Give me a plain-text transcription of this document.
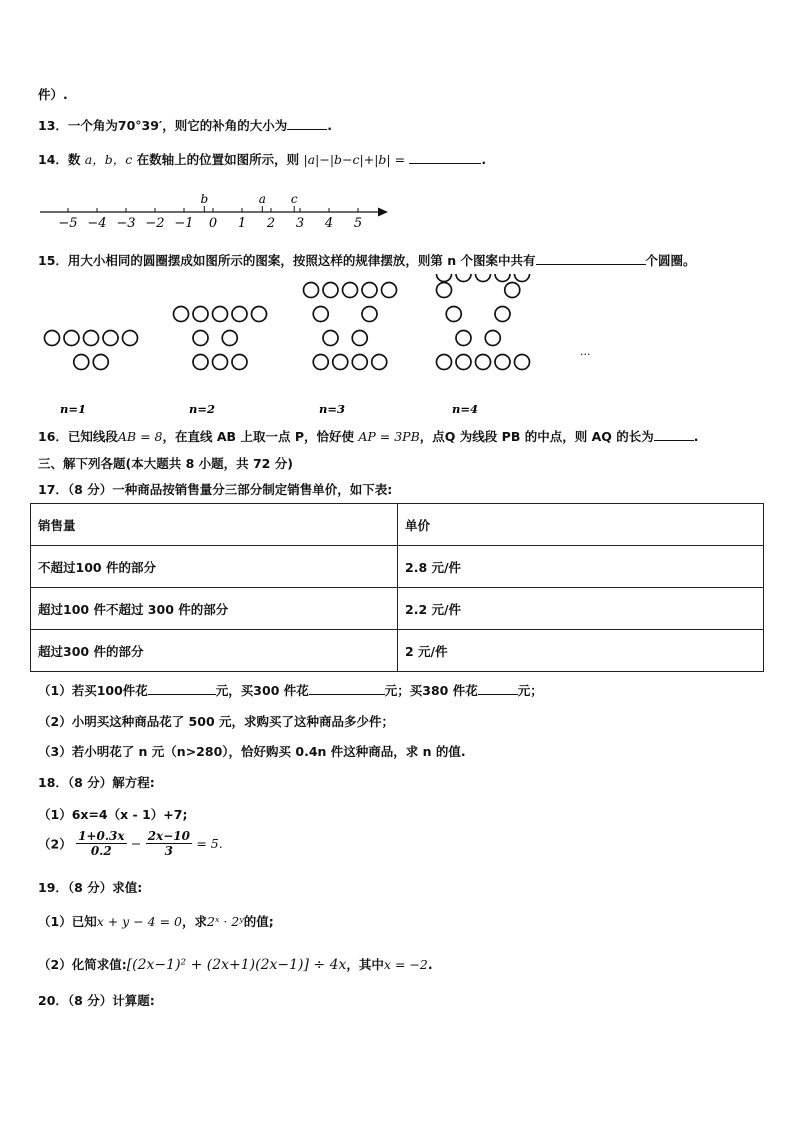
件）.
13．一个角为70°39′，则它的补角的大小为	.
14．数 a，b，c 在数轴上的位置如图所示，则 |a|−|b−c|+|b| =	.
−5 −4 −3 −2 −1 0 1 2 3 4 5
b	a c
15．用大小相同的圆圈摆成如图所示的图案，按照这样的规律摆放，则第 n 个图案中共有	个圆圈。
n=1	n=2	n=3	n=4
···
16．已知线段AB = 8，在直线 AB 上取一点 P，恰好使 AP = 3PB，点Q 为线段 PB 的中点，则 AQ 的长为	.
三、解下列各题(本大题共 8 小题，共 72 分)
17．（8 分）一种商品按销售量分三部分制定销售单价，如下表:
销售量	单价
不超过100 件的部分	2.8 元/件
超过100 件不超过 300 件的部分	2.2 元/件
超过300 件的部分	2 元/件
（1）若买100件花	元，买300 件花	元；买380 件花	元；
（2）小明买这种商品花了 500 元，求购买了这种商品多少件；
（3）若小明花了 n 元（n>280），恰好购买 0.4n 件这种商品，求 n 的值.
18．（8 分）解方程:
（1）6x=4（x - 1）+7;
$(2) \frac{1+0.3x}{0.2} - \frac{2x-10}{3} = 5$.
19．（8 分）求值:
（1）已知x + y − 4 = 0，求2ˣ · 2ʸ的值;
（2）化简求值:[(2x−1)² + (2x+1)(2x−1)] ÷ 4x，其中x = −2.
20．（8 分）计算题:
